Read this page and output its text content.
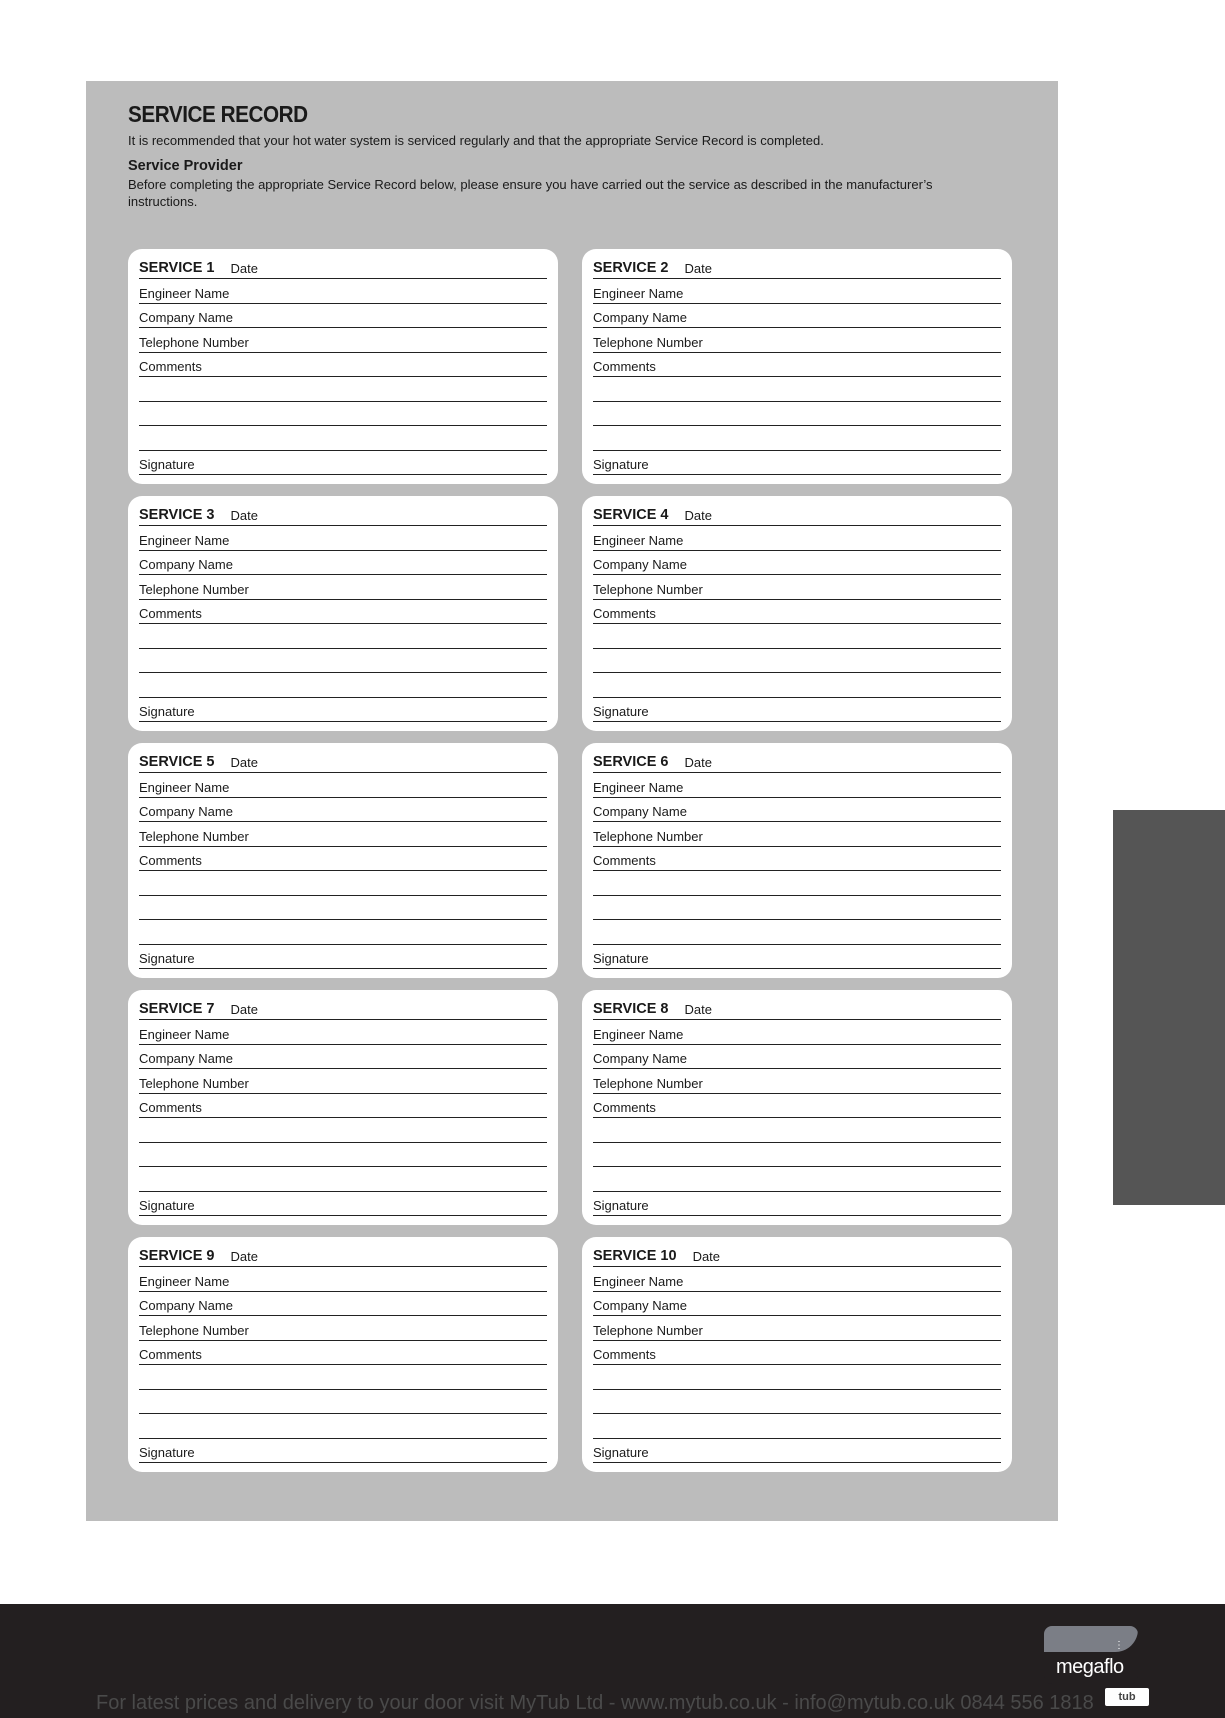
SERVICE RECORD
It is recommended that your hot water system is serviced regularly and that the appropriate Service Record is completed.
Service Provider
Before completing the appropriate Service Record below, please ensure you have carried out the service as described in the manufacturer’s instructions.
SERVICE 1 Date
Engineer Name
Company Name
Telephone Number
Comments
Signature
SERVICE 2 Date
Engineer Name
Company Name
Telephone Number
Comments
Signature
SERVICE 3 Date
Engineer Name
Company Name
Telephone Number
Comments
Signature
SERVICE 4 Date
Engineer Name
Company Name
Telephone Number
Comments
Signature
SERVICE 5 Date
Engineer Name
Company Name
Telephone Number
Comments
Signature
SERVICE 6 Date
Engineer Name
Company Name
Telephone Number
Comments
Signature
SERVICE 7 Date
Engineer Name
Company Name
Telephone Number
Comments
Signature
SERVICE 8 Date
Engineer Name
Company Name
Telephone Number
Comments
Signature
SERVICE 9 Date
Engineer Name
Company Name
Telephone Number
Comments
Signature
SERVICE 10 Date
Engineer Name
Company Name
Telephone Number
Comments
Signature
⋮
megaflo
tub
For latest prices and delivery to your door visit MyTub Ltd - www.mytub.co.uk - info@mytub.co.uk 0844 556 1818
